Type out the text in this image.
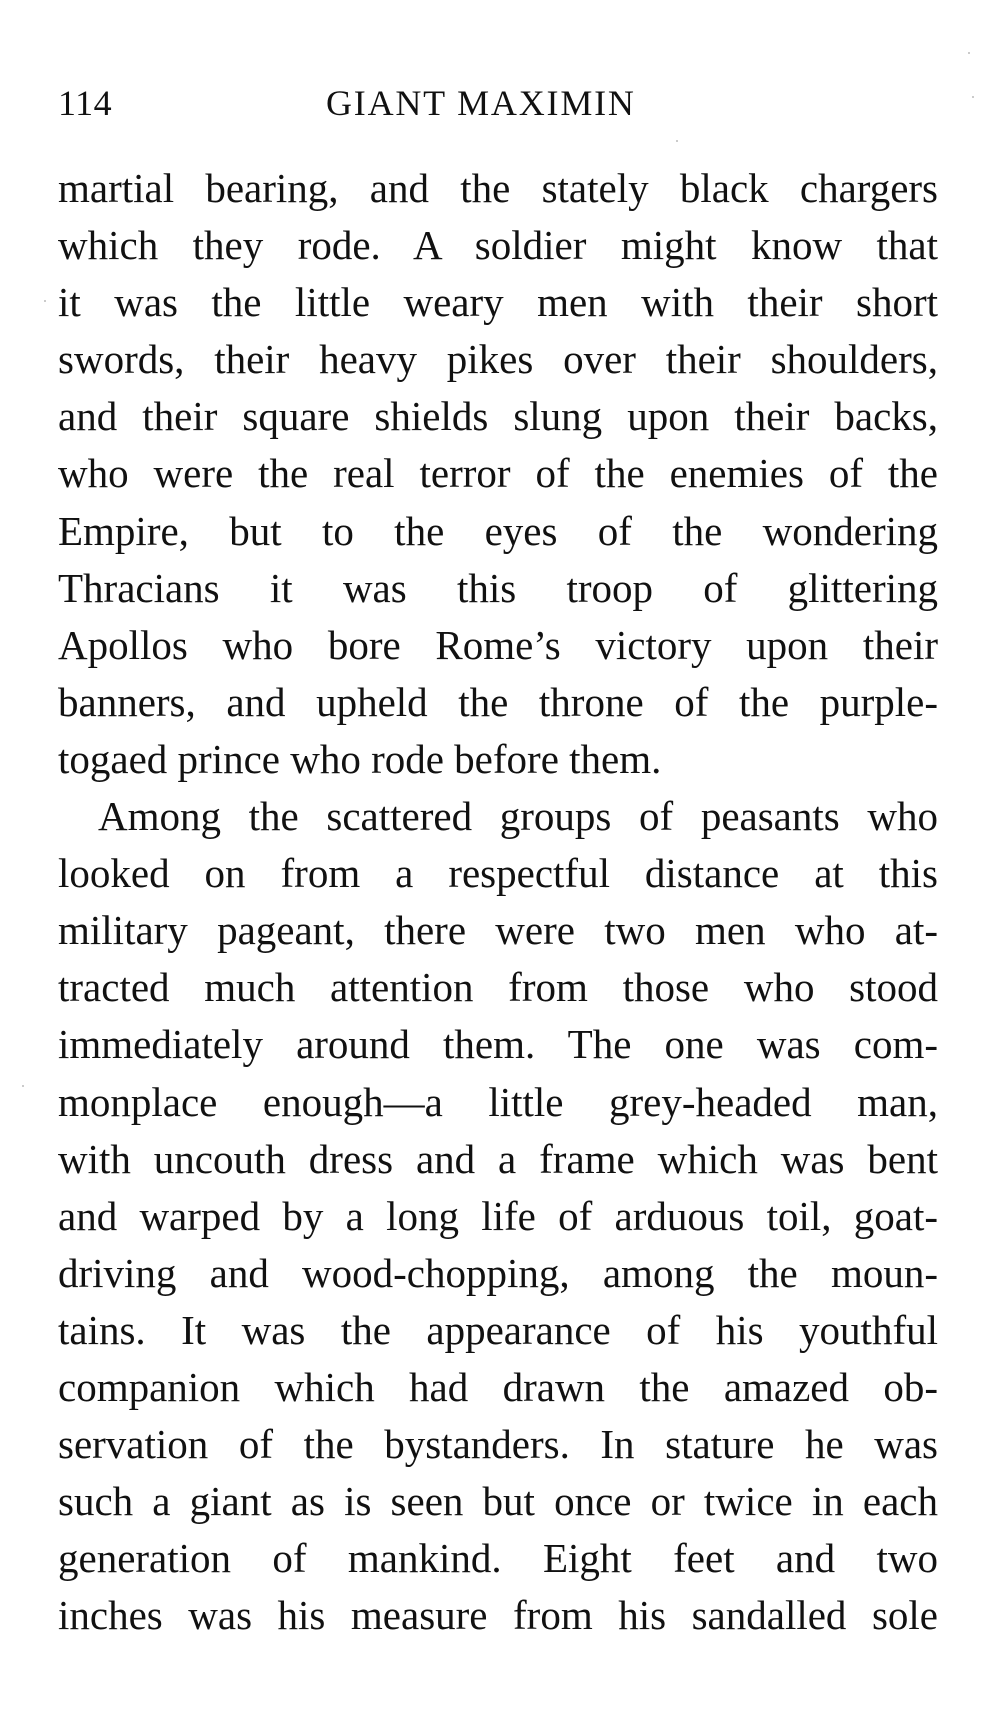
114	GIANT MAXIMIN
martial bearing, and the stately black chargers
which they rode. A soldier might know that
it was the little weary men with their short
swords, their heavy pikes over their shoulders,
and their square shields slung upon their backs,
who were the real terror of the enemies of the
Empire, but to the eyes of the wondering
Thracians it was this troop of glittering
Apollos who bore Rome’s victory upon their
banners, and upheld the throne of the purple-
togaed prince who rode before them.
Among the scattered groups of peasants who
looked on from a respectful distance at this
military pageant, there were two men who at-
tracted much attention from those who stood
immediately around them. The one was com-
monplace enough—a little grey-headed man,
with uncouth dress and a frame which was bent
and warped by a long life of arduous toil, goat-
driving and wood-chopping, among the moun-
tains. It was the appearance of his youthful
companion which had drawn the amazed ob-
servation of the bystanders. In stature he was
such a giant as is seen but once or twice in each
generation of mankind. Eight feet and two
inches was his measure from his sandalled sole
